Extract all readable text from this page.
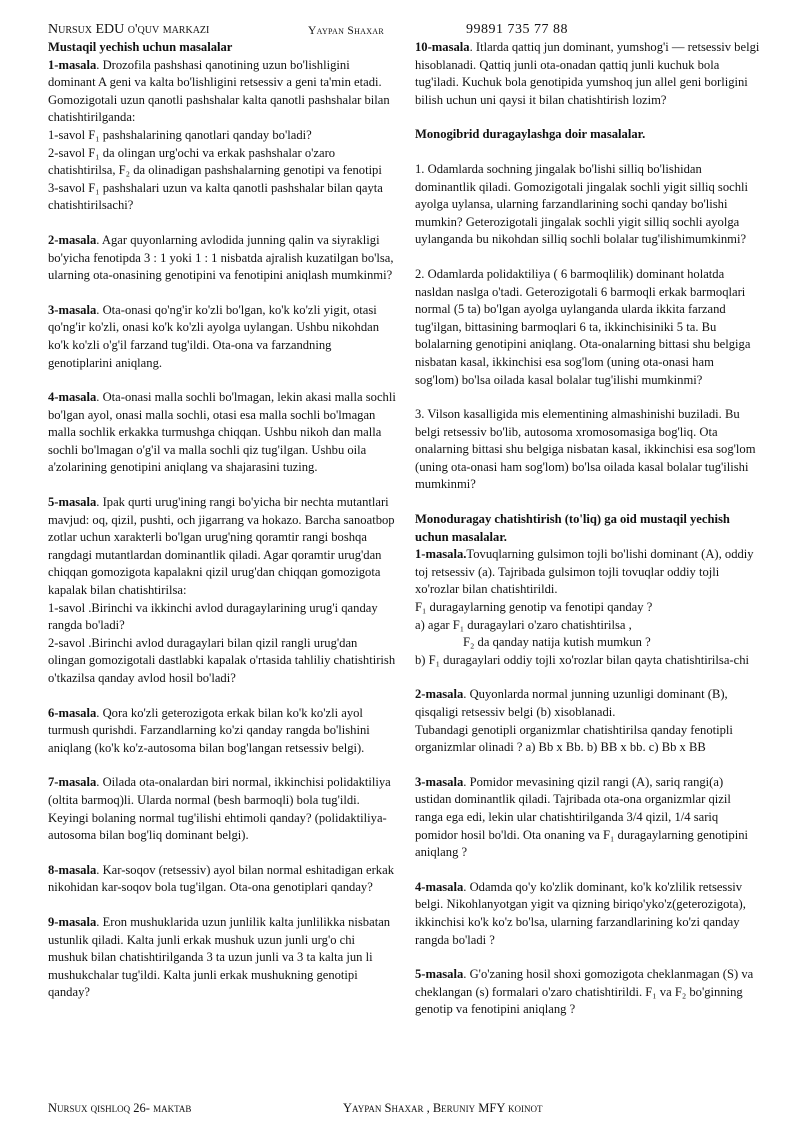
Nursux EDU o'quv markazi	Yaypan Shaxar	99891 735 77 88

Mustaqil yechish uchun masalalar

1-masala. Drozofila pashshasi qanotining uzun bo'lishligini dominant A geni va kalta bo'lishligini retsessiv a geni ta'min etadi. Gomozigotali uzun qanotli pashshalar kalta qanotli pashshalar bilan chatishtirilganda:

1-savol F₁ pashshalarining qanotlari qanday bo'ladi?

2-savol F₁ da olingan urg'ochi va erkak pashshalar o'zaro chatishtirilsa, F₂ da olinadigan pashshalarning genotipi va fenotipi

3-savol F₁ pashshalari uzun va kalta qanotli pashshalar bilan qayta chatishtirilsachi?

2-masala. Agar quyonlarning avlodida junning qalin va siyrakligi bo'yicha fenotipda 3 : 1 yoki 1 : 1 nisbatda ajralish kuzatilgan bo'lsa, ularning ota-onasining genotipini va fenotipini aniqlash mumkinmi?

3-masala. Ota-onasi qo'ng'ir ko'zli bo'lgan, ko'k ko'zli yigit, otasi qo'ng'ir ko'zli, onasi ko'k ko'zli ayolga uylangan. Ushbu nikohdan ko'k ko'zli o'g'il farzand tug'ildi. Ota-ona va farzandning genotiplarini aniqlang.

4-masala. Ota-onasi malla sochli bo'lmagan, lekin akasi malla sochli bo'lgan ayol, onasi malla sochli, otasi esa malla sochli bo'lmagan malla sochlik erkakka turmushga chiqqan. Ushbu nikoh dan malla sochli bo'lmagan o'g'il va malla sochli qiz tug'ilgan. Ushbu oila a'zolarining genotipini aniqlang va shajarasini tuzing.

5-masala. Ipak qurti urug'ining rangi bo'yicha bir nechta mutantlari mavjud: oq, qizil, pushti, och jigarrang va hokazo. Barcha sanoatbop zotlar uchun xarakterli bo'lgan urug'ning qoramtir rangi boshqa rangdagi mutantlardan dominantlik qiladi. Agar qoramtir urug'dan chiqqan gomozigota kapalakni qizil urug'dan chiqqan gomozigota kapalak bilan chatishtirilsa:

1-savol .Birinchi va ikkinchi avlod duragaylarining urug'i qanday rangda bo'ladi?

2-savol .Birinchi avlod duragaylari bilan qizil rangli urug'dan olingan gomozigotali dastlabki kapalak o'rtasida tahliliy chatishtirish o'tkazilsa qanday avlod hosil bo'ladi?

6-masala. Qora ko'zli geterozigota erkak bilan ko'k ko'zli ayol turmush qurishdi. Farzandlarning ko'zi qanday rangda bo'lishini aniqlang (ko'k ko'z-autosoma bilan bog'langan retsessiv belgi).

7-masala. Oilada ota-onalardan biri normal, ikkinchisi polidaktiliya (oltita barmoq)li. Ularda normal (besh barmoqli) bola tug'ildi. Keyingi bolaning normal tug'ilishi ehtimoli qanday? (polidaktiliya-autosoma bilan bog'liq dominant belgi).

8-masala. Kar-soqov (retsessiv) ayol bilan normal eshitadigan erkak nikohidan kar-soqov bola tug'ilgan. Ota-ona genotiplari qanday?

9-masala. Eron mushuklarida uzun junlilik kalta junlilikka nisbatan ustunlik qiladi. Kalta junli erkak mushuk uzun junli urg'o chi mushuk bilan chatishtirilganda 3 ta uzun junli va 3 ta kalta jun li mushukchalar tug'ildi. Kalta junli erkak mushukning genotipi qanday?

10-masala. Itlarda qattiq jun dominant, yumshog'i — retsessiv belgi hisoblanadi. Qattiq junli ota-onadan qattiq junli kuchuk bola tug'iladi. Kuchuk bola genotipida yumshoq jun allel geni borligini bilish uchun uni qaysi it bilan chatishtirish lozim?

Monogibrid duragaylashga doir masalalar.

1. Odamlarda sochning jingalak bo'lishi silliq bo'lishidan dominantlik qiladi. Gomozigotali jingalak sochli yigit silliq sochli ayolga uylansa, ularning farzandlarining sochi qanday bo'lishi mumkin? Geterozigotali jingalak sochli yigit silliq sochli ayolga uylanganda bu nikohdan silliq sochli bolalar tug'ilishimumkinmi?

2. Odamlarda polidaktiliya ( 6 barmoqlilik) dominant holatda nasldan naslga o'tadi. Geterozigotali 6 barmoqli erkak barmoqlari normal (5 ta) bo'lgan ayolga uylanganda ularda ikkita farzand tug'ilgan, bittasining barmoqlari 6 ta, ikkinchisiniki 5 ta. Bu bolalarning genotipini aniqlang. Ota-onalarning bittasi shu belgiga nisbatan kasal, ikkinchisi esa sog'lom (uning ota-onasi ham sog'lom) bo'lsa oilada kasal bolalar tug'ilishi mumkinmi?

3. Vilson kasalligida mis elementining almashinishi buziladi. Bu belgi retsessiv bo'lib, autosoma xromosomasiga bog'liq. Ota onalarning bittasi shu belgiga nisbatan kasal, ikkinchisi esa sog'lom (uning ota-onasi ham sog'lom) bo'lsa oilada kasal bolalar tug'ilishi mumkinmi?

Monoduragay chatishtirish (to'liq) ga oid mustaqil yechish uchun masalalar.

1-masala.Tovuqlarning gulsimon tojli bo'lishi dominant (A), oddiy toj retsessiv (a). Tajribada gulsimon tojli tovuqlar oddiy tojli xo'rozlar bilan chatishtirildi.

F₁ duragaylarning genotip va fenotipi qanday ?

a) agar F₁ duragaylari o'zaro chatishtirilsa ,

F₂ da qanday natija kutish mumkun ?

b) F₁ duragaylari oddiy tojli xo'rozlar bilan qayta chatishtirilsa-chi

2-masala. Quyonlarda normal junning uzunligi dominant (B), qisqaligi retsessiv belgi (b) xisoblanadi.

Tubandagi genotipli organizmlar chatishtirilsa qanday fenotipli organizmlar olinadi ? a) Bb x Bb. b) BB x bb. c) Bb x BB

3-masala. Pomidor mevasining qizil rangi (A), sariq rangi(a) ustidan dominantlik qiladi. Tajribada ota-ona organizmlar qizil ranga ega edi, lekin ular chatishtirilganda 3/4 qizil, 1/4 sariq pomidor hosil bo'ldi. Ota onaning va F₁ duragaylarning genotipini aniqlang ?

4-masala. Odamda qo'y ko'zlik dominant, ko'k ko'zlilik retsessiv belgi. Nikohlanyotgan yigit va qizning biriqo'yko'z(geterozigota), ikkinchisi ko'k ko'z bo'lsa, ularning farzandlarining ko'zi qanday rangda bo'ladi ?

5-masala. G'o'zaning hosil shoxi gomozigota cheklanmagan (S) va cheklangan (s) formalari o'zaro chatishtirildi. F₁ va F₂ bo'ginning genotip va fenotipini aniqlang ?

Nursux qishloq 26- maktab	Yaypan Shaxar , Beruniy MFY koinot
